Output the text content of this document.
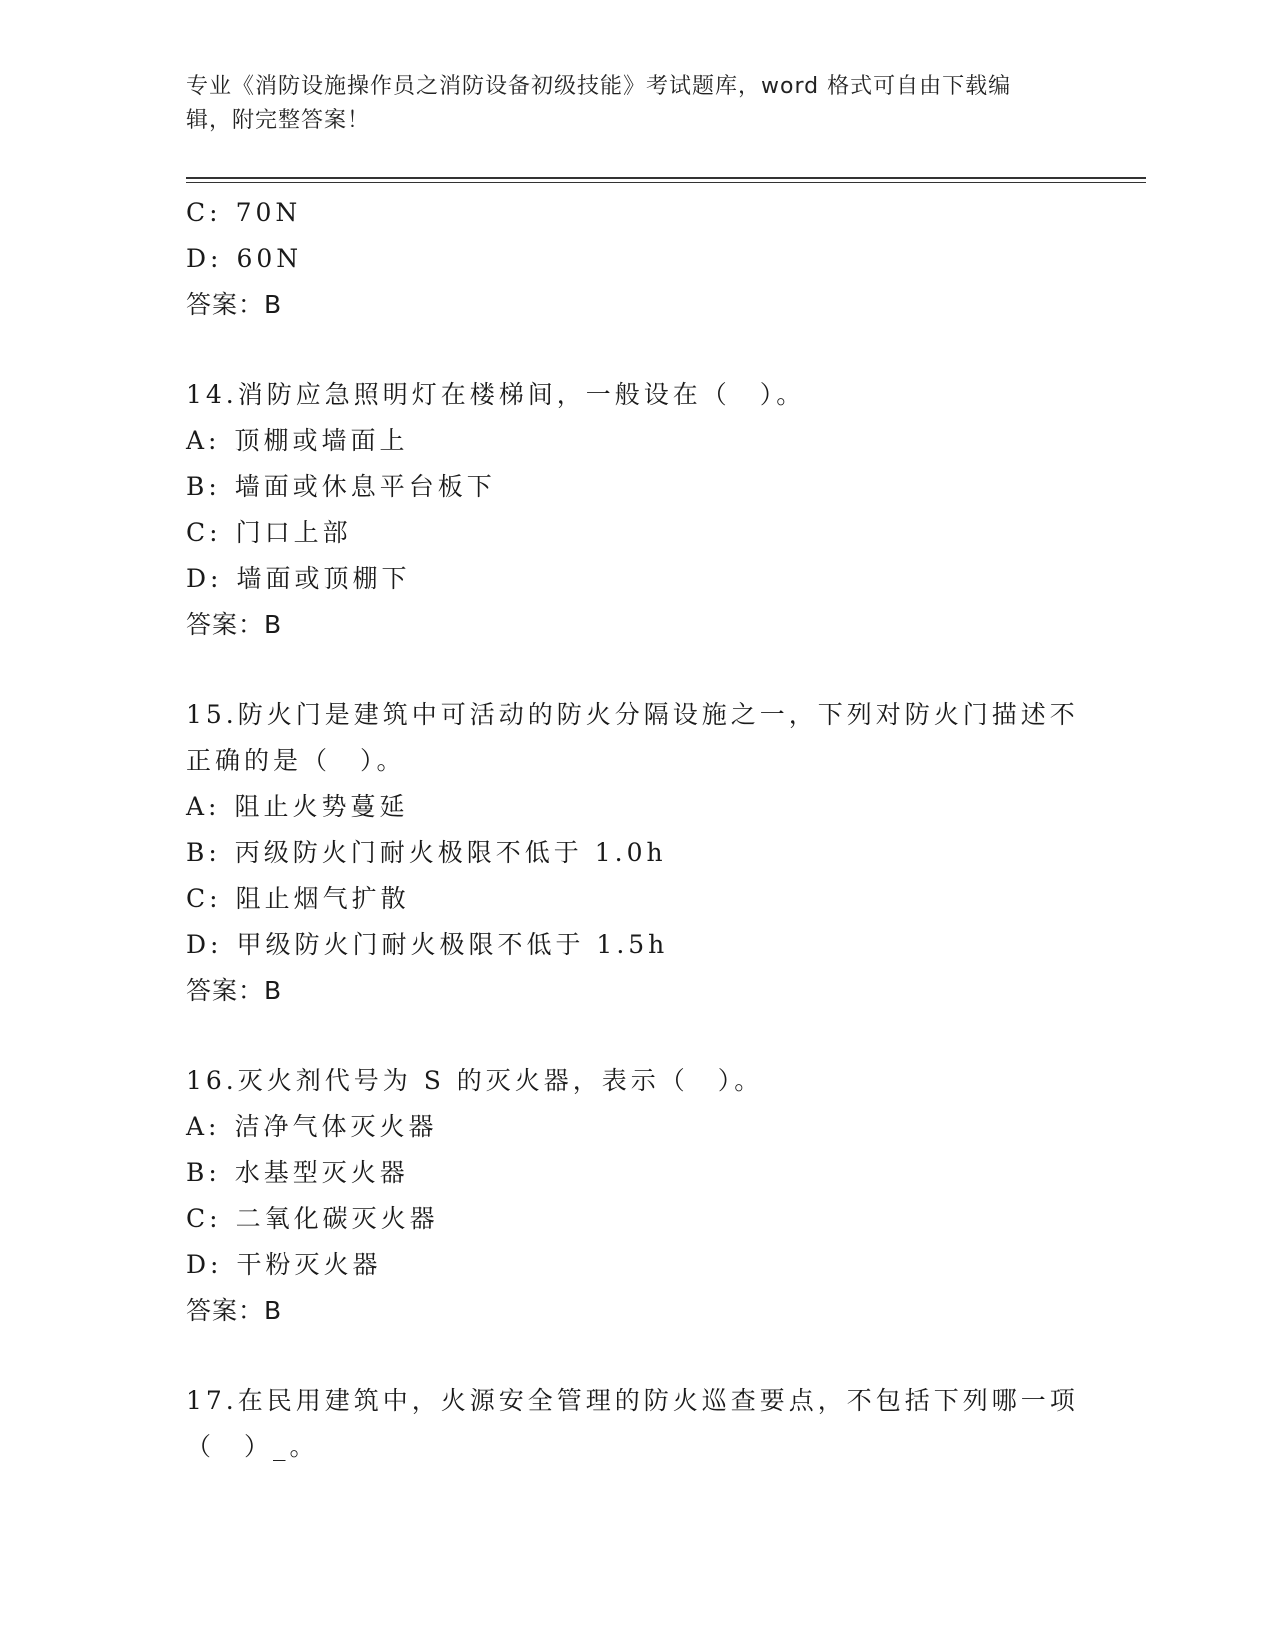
专业《消防设施操作员之消防设备初级技能》考试题库，word 格式可自由下载编
辑，附完整答案！
C: 70N
D: 60N
答案：B
14.消防应急照明灯在楼梯间，一般设在（　）。
A: 顶棚或墙面上
B: 墙面或休息平台板下
C: 门口上部
D: 墙面或顶棚下
答案：B
15.防火门是建筑中可活动的防火分隔设施之一，下列对防火门描述不
正确的是（　）。
A: 阻止火势蔓延
B: 丙级防火门耐火极限不低于 1.0h
C: 阻止烟气扩散
D: 甲级防火门耐火极限不低于 1.5h
答案：B
16.灭火剂代号为 S 的灭火器，表示（　）。
A: 洁净气体灭火器
B: 水基型灭火器
C: 二氧化碳灭火器
D: 干粉灭火器
答案：B
17.在民用建筑中，火源安全管理的防火巡查要点，不包括下列哪一项
（　）_。
